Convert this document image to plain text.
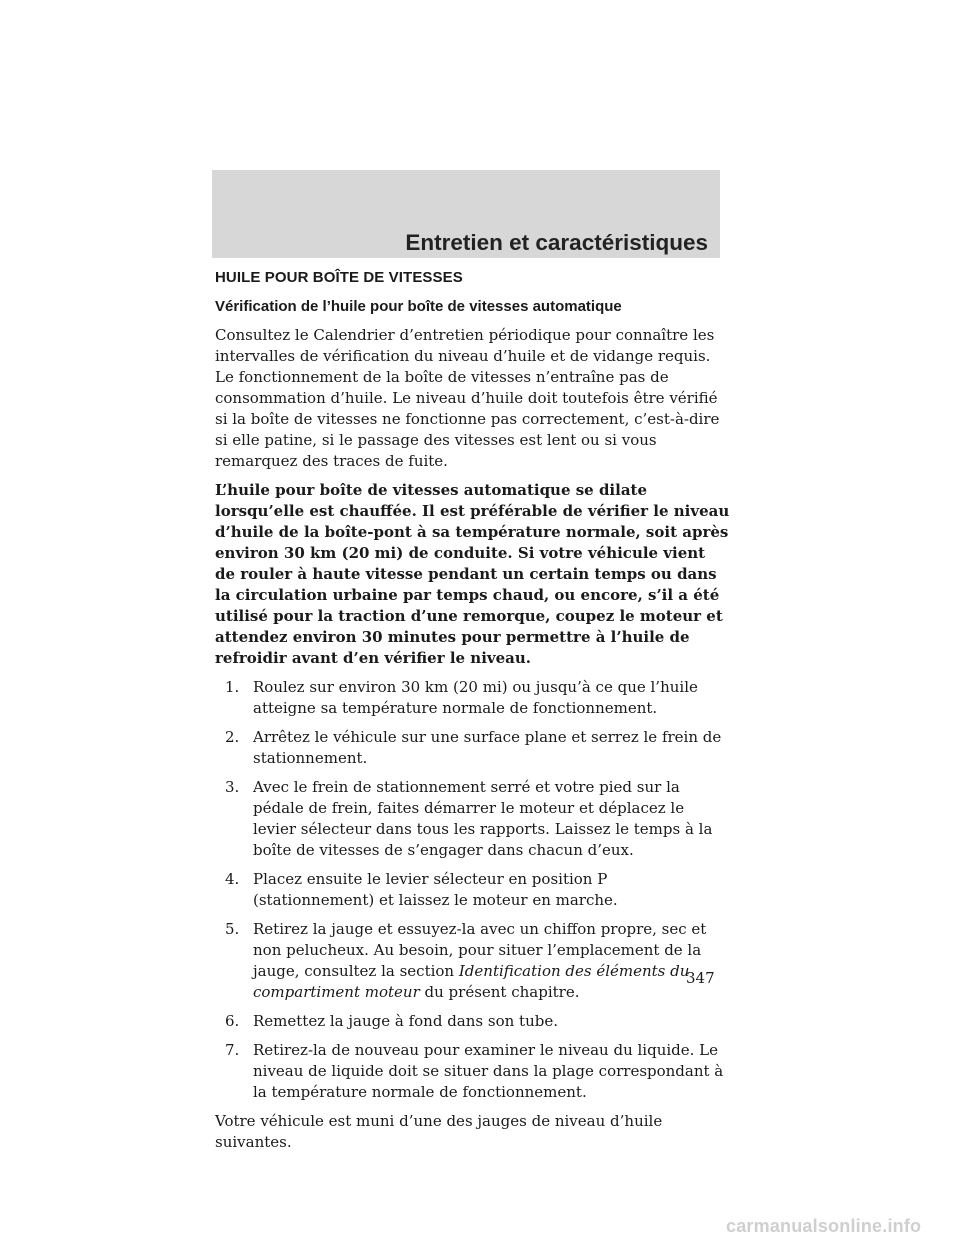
Entretien et caractéristiques
HUILE POUR BOÎTE DE VITESSES
Vérification de l’huile pour boîte de vitesses automatique

Consultez le Calendrier d’entretien périodique pour connaître les intervalles de vérification du niveau d’huile et de vidange requis. Le fonctionnement de la boîte de vitesses n’entraîne pas de consommation d’huile. Le niveau d’huile doit toutefois être vérifié si la boîte de vitesses ne fonctionne pas correctement, c’est-à-dire si elle patine, si le passage des vitesses est lent ou si vous remarquez des traces de fuite.

L’huile pour boîte de vitesses automatique se dilate lorsqu’elle est chauffée. Il est préférable de vérifier le niveau d’huile de la boîte-pont à sa température normale, soit après environ 30 km (20 mi) de conduite. Si votre véhicule vient de rouler à haute vitesse pendant un certain temps ou dans la circulation urbaine par temps chaud, ou encore, s’il a été utilisé pour la traction d’une remorque, coupez le moteur et attendez environ 30 minutes pour permettre à l’huile de refroidir avant d’en vérifier le niveau.

1. Roulez sur environ 30 km (20 mi) ou jusqu’à ce que l’huile atteigne sa température normale de fonctionnement.
2. Arrêtez le véhicule sur une surface plane et serrez le frein de stationnement.
3. Avec le frein de stationnement serré et votre pied sur la pédale de frein, faites démarrer le moteur et déplacez le levier sélecteur dans tous les rapports. Laissez le temps à la boîte de vitesses de s’engager dans chacun d’eux.
4. Placez ensuite le levier sélecteur en position P (stationnement) et laissez le moteur en marche.
5. Retirez la jauge et essuyez-la avec un chiffon propre, sec et non pelucheux. Au besoin, pour situer l’emplacement de la jauge, consultez la section Identification des éléments du compartiment moteur du présent chapitre.
6. Remettez la jauge à fond dans son tube.
7. Retirez-la de nouveau pour examiner le niveau du liquide. Le niveau de liquide doit se situer dans la plage correspondant à la température normale de fonctionnement.

Votre véhicule est muni d’une des jauges de niveau d’huile suivantes.

347
carmanualsonline.info
